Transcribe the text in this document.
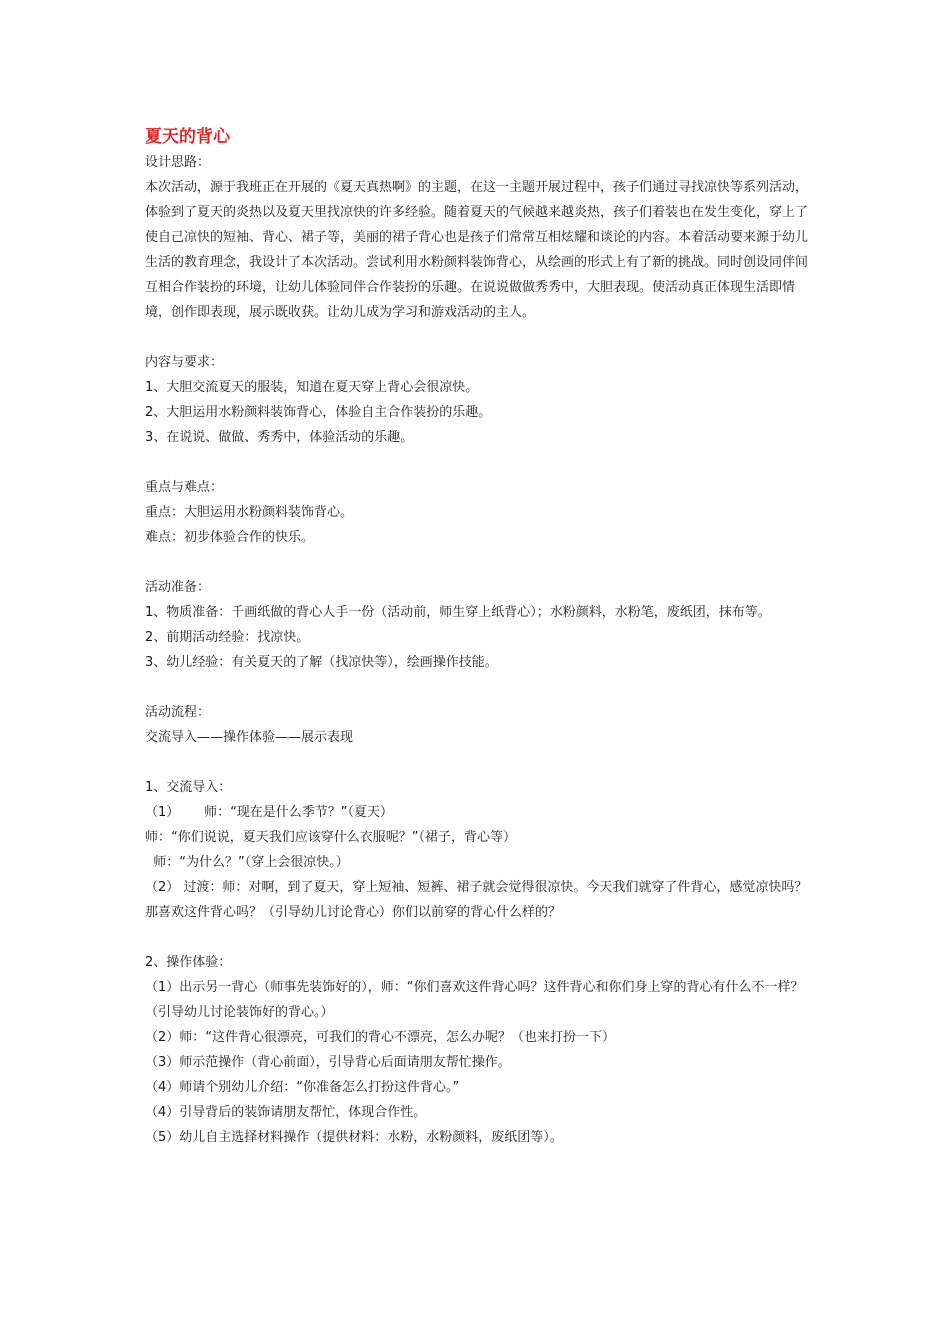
夏天的背心

设计思路：

本次活动，源于我班正在开展的《夏天真热啊》的主题，在这一主题开展过程中，孩子们通过寻找凉快等系列活动，体验到了夏天的炎热以及夏天里找凉快的许多经验。随着夏天的气候越来越炎热，孩子们着装也在发生变化，穿上了使自己凉快的短袖、背心、裙子等，美丽的裙子背心也是孩子们常常互相炫耀和谈论的内容。本着活动要来源于幼儿生活的教育理念，我设计了本次活动。尝试利用水粉颜料装饰背心，从绘画的形式上有了新的挑战。同时创设同伴间互相合作装扮的环境，让幼儿体验同伴合作装扮的乐趣。在说说做做秀秀中，大胆表现。使活动真正体现生活即情境，创作即表现，展示既收获。让幼儿成为学习和游戏活动的主人。

内容与要求：

1、大胆交流夏天的服装，知道在夏天穿上背心会很凉快。

2、大胆运用水粉颜料装饰背心，体验自主合作装扮的乐趣。

3、在说说、做做、秀秀中，体验活动的乐趣。

重点与难点：

重点：大胆运用水粉颜料装饰背心。

难点：初步体验合作的快乐。

活动准备：

1、物质准备：千画纸做的背心人手一份（活动前，师生穿上纸背心）；水粉颜料，水粉笔，废纸团，抹布等。

2、前期活动经验：找凉快。

3、幼儿经验：有关夏天的了解（找凉快等），绘画操作技能。

活动流程：

交流导入——操作体验——展示表现

1、交流导入：

（1）      师：“现在是什么季节？”（夏天）

师：“你们说说，夏天我们应该穿什么衣服呢？”（裙子，背心等）

师：“为什么？”（穿上会很凉快。）

（2） 过渡：师：对啊，到了夏天，穿上短袖、短裤、裙子就会觉得很凉快。今天我们就穿了件背心，感觉凉快吗？那喜欢这件背心吗？（引导幼儿讨论背心）你们以前穿的背心什么样的？

2、操作体验：

（1）出示另一背心（师事先装饰好的），师：“你们喜欢这件背心吗？这件背心和你们身上穿的背心有什么不一样？（引导幼儿讨论装饰好的背心。）

（2）师：“这件背心很漂亮，可我们的背心不漂亮，怎么办呢？（也来打扮一下）

（3）师示范操作（背心前面），引导背心后面请朋友帮忙操作。

（4）师请个别幼儿介绍：“你准备怎么打扮这件背心。”

（4）引导背后的装饰请朋友帮忙，体现合作性。

（5）幼儿自主选择材料操作（提供材料：水粉，水粉颜料，废纸团等）。
